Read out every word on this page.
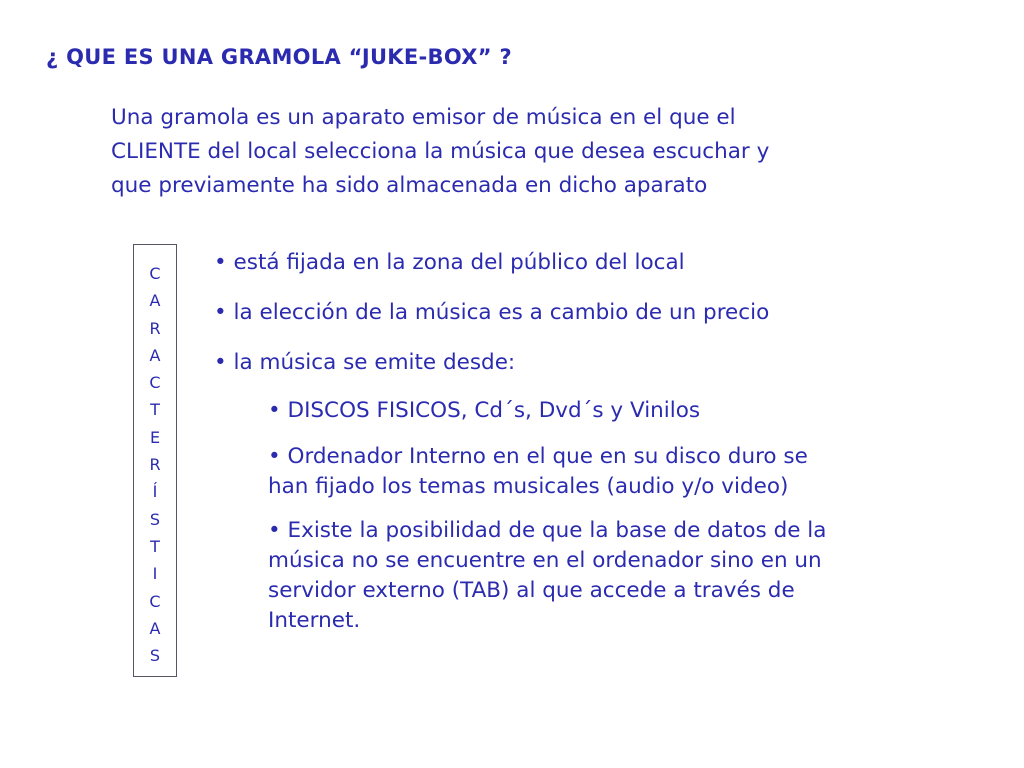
¿ QUE ES UNA GRAMOLA “JUKE-BOX” ?
Una gramola es un aparato emisor de música en el que el
CLIENTE del local selecciona la música que desea escuchar y
que previamente ha sido almacenada en dicho aparato
C
A
R
A
C
T
E
R
Í
S
T
I
C
A
S
• está fijada en la zona del público del local
• la elección de la música es a cambio de un precio
• la música se emite desde:
• DISCOS FISICOS, Cd´s, Dvd´s y Vinilos
• Ordenador Interno en el que en su disco duro se
han fijado los temas musicales (audio y/o video)
• Existe la posibilidad de que la base de datos de la
música no se encuentre en el ordenador sino en un
servidor externo (TAB) al que accede a través de
Internet.
